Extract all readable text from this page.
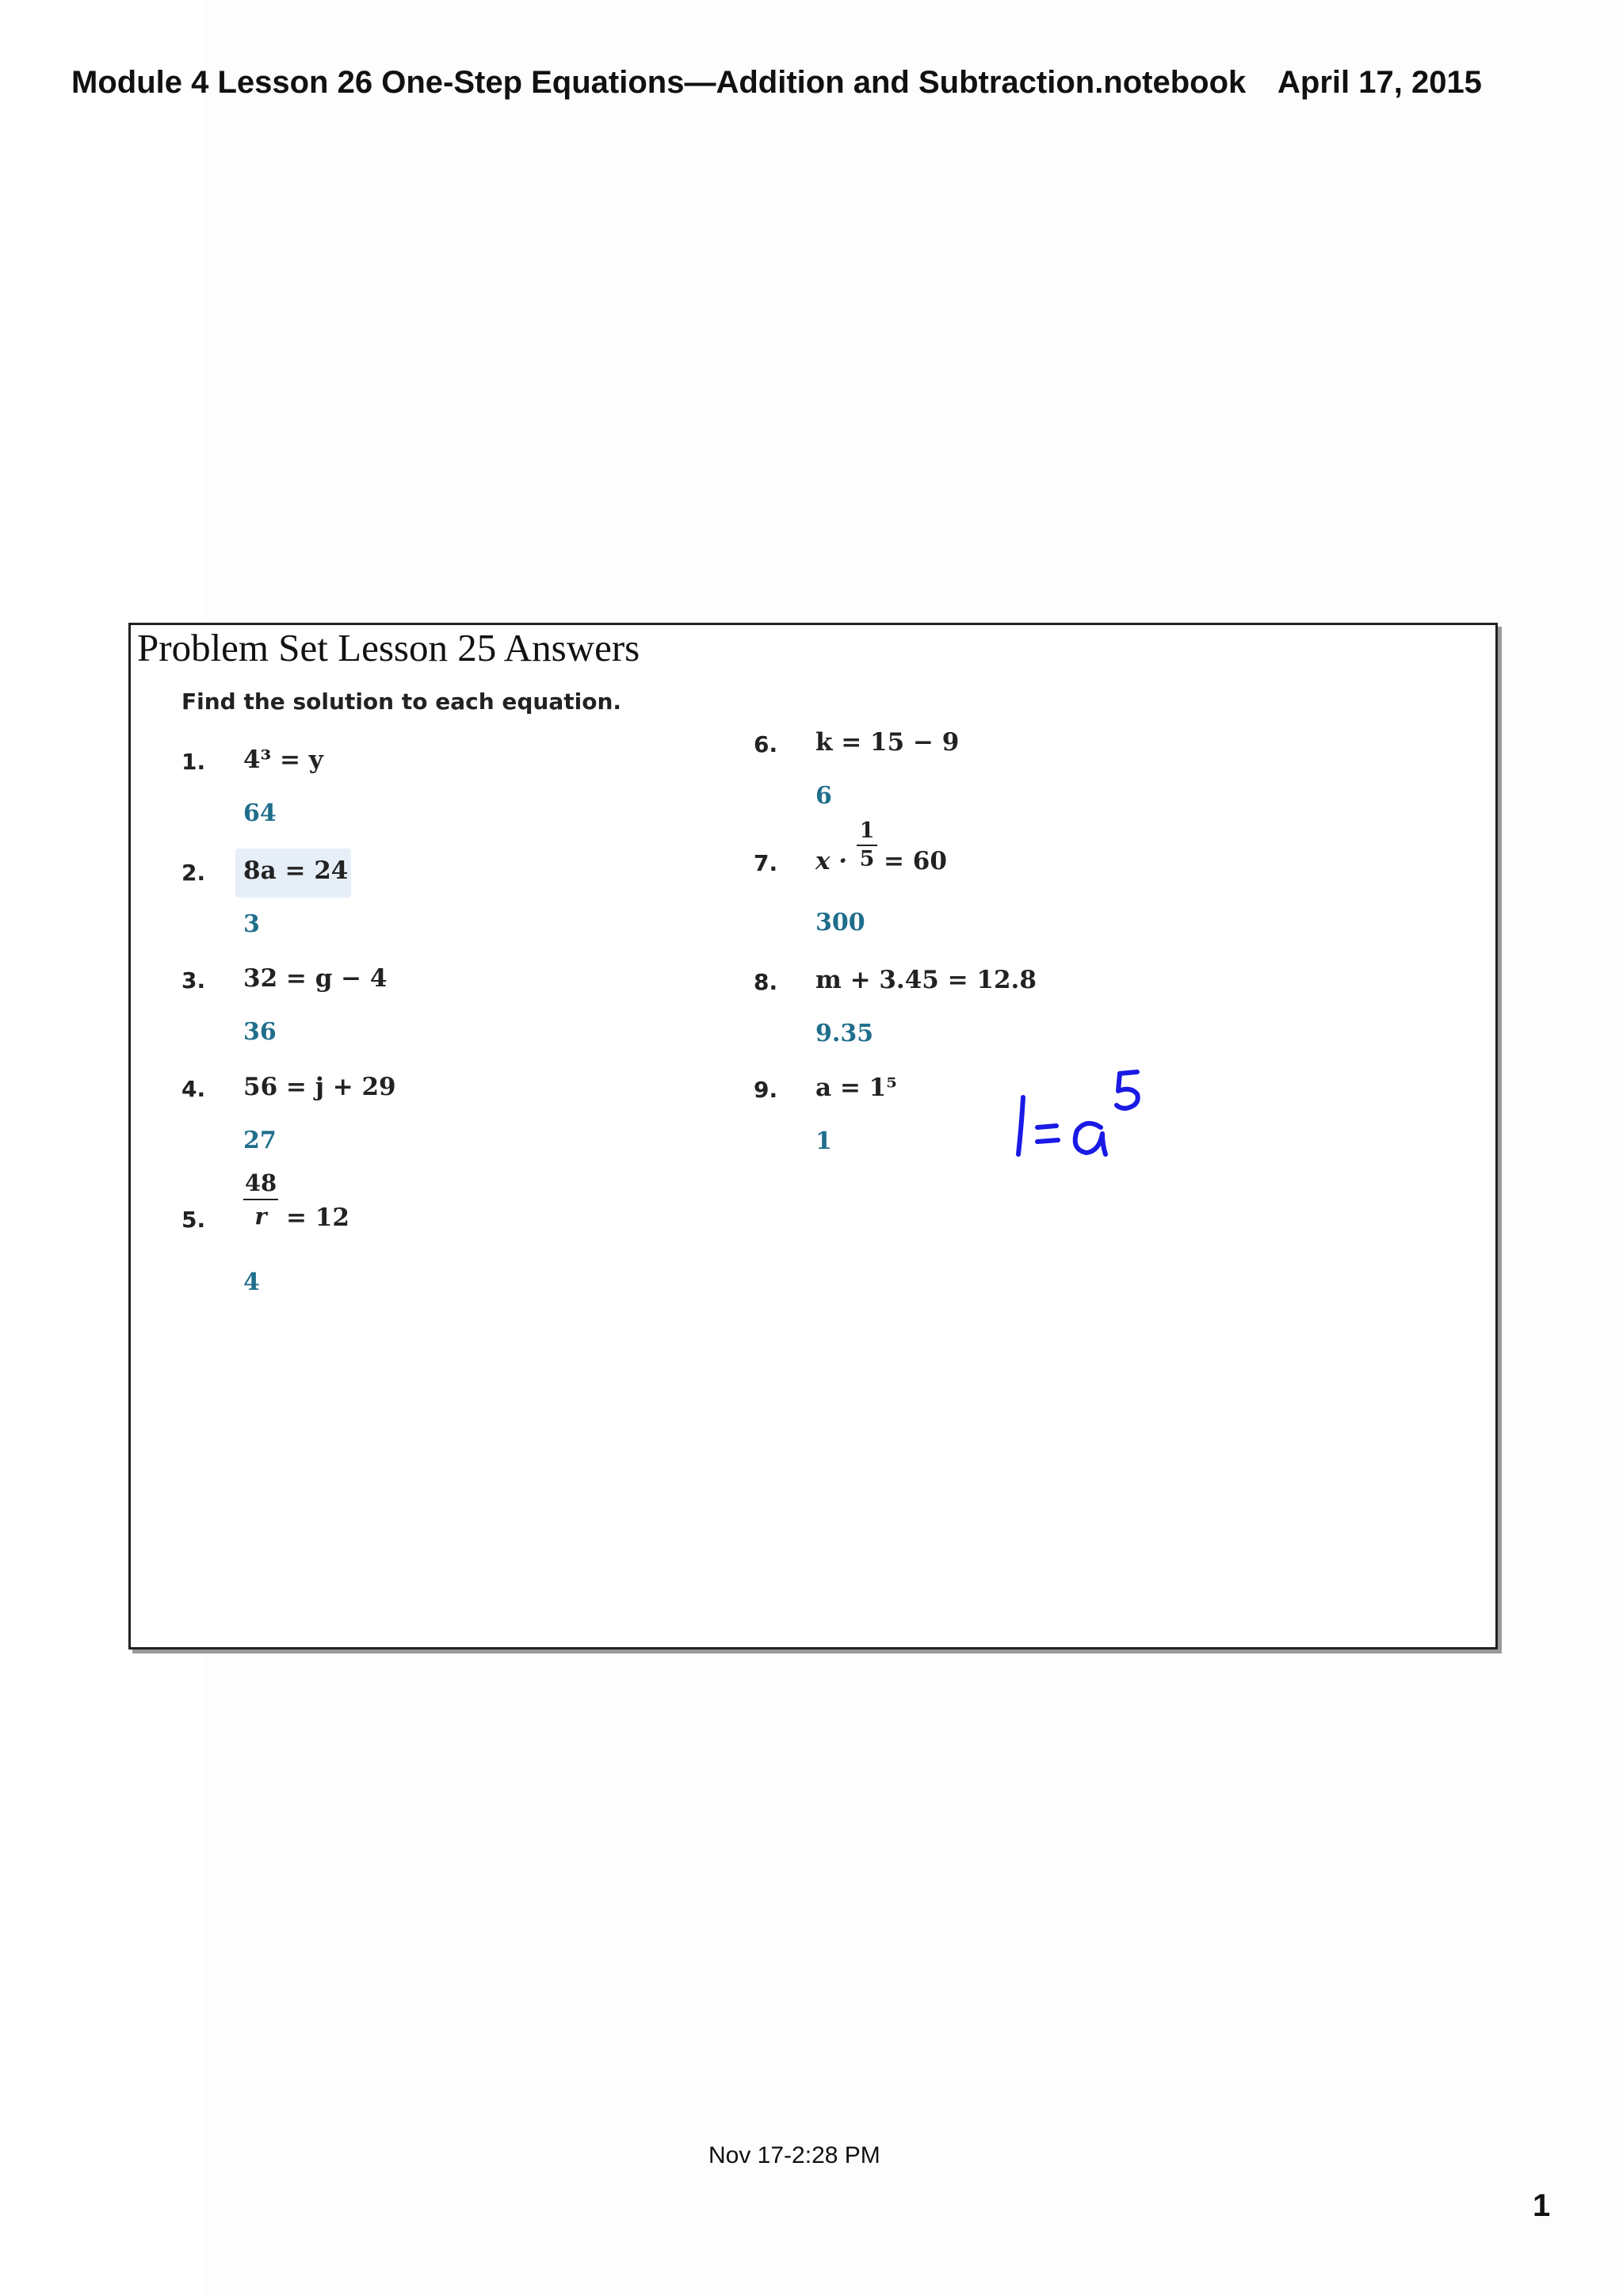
Module 4 Lesson 26 One-Step Equations—Addition and Subtraction.notebook April 17, 2015
Problem Set Lesson 25 Answers
Find the solution to each equation.
1. 4³ = y
64
2. 8a = 24
3
3. 32 = g − 4
36
4. 56 = j + 29
27
5.
48
r = 12
4
6. k = 15 − 9
6
7. x ·
1
5 = 60
300
8. m + 3.45 = 12.8
9.35
9. a = 1⁵
1
Nov 17-2:28 PM
1
